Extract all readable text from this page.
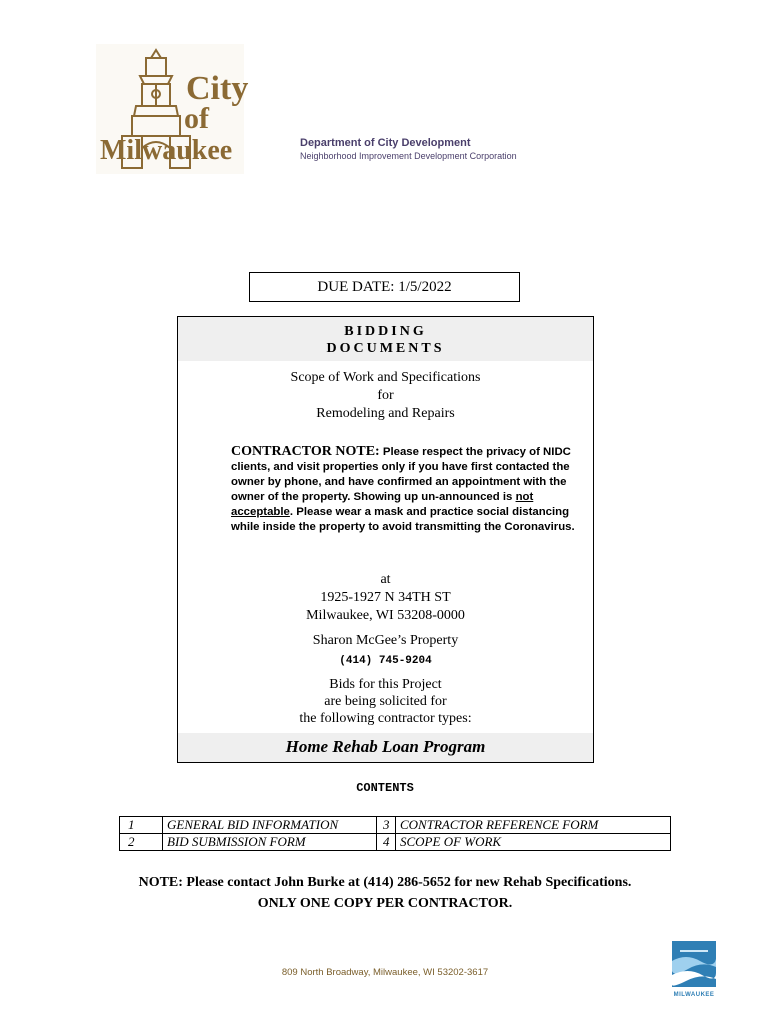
City
of
Milwaukee	Department of City Development
Neighborhood Improvement Development Corporation
DUE DATE: 1/5/2022
BIDDING
DOCUMENTS
Scope of Work and Specifications
for
Remodeling and Repairs
CONTRACTOR NOTE: Please respect the privacy of NIDC clients, and visit properties only if you have first contacted the owner by phone, and have confirmed an appointment with the owner of the property. Showing up un-announced is not acceptable. Please wear a mask and practice social distancing while inside the property to avoid transmitting the Coronavirus.
at
1925-1927 N 34TH ST
Milwaukee, WI 53208-0000
Sharon McGee’s Property
(414) 745-9204
Bids for this Project
are being solicited for
the following contractor types:
Home Rehab Loan Program
CONTENTS
1	GENERAL BID INFORMATION	3	CONTRACTOR REFERENCE FORM
2	BID SUBMISSION FORM	4	SCOPE OF WORK
NOTE: Please contact John Burke at (414) 286-5652 for new Rehab Specifications.
ONLY ONE COPY PER CONTRACTOR.
809 North Broadway, Milwaukee, WI 53202-3617
MILWAUKEE
